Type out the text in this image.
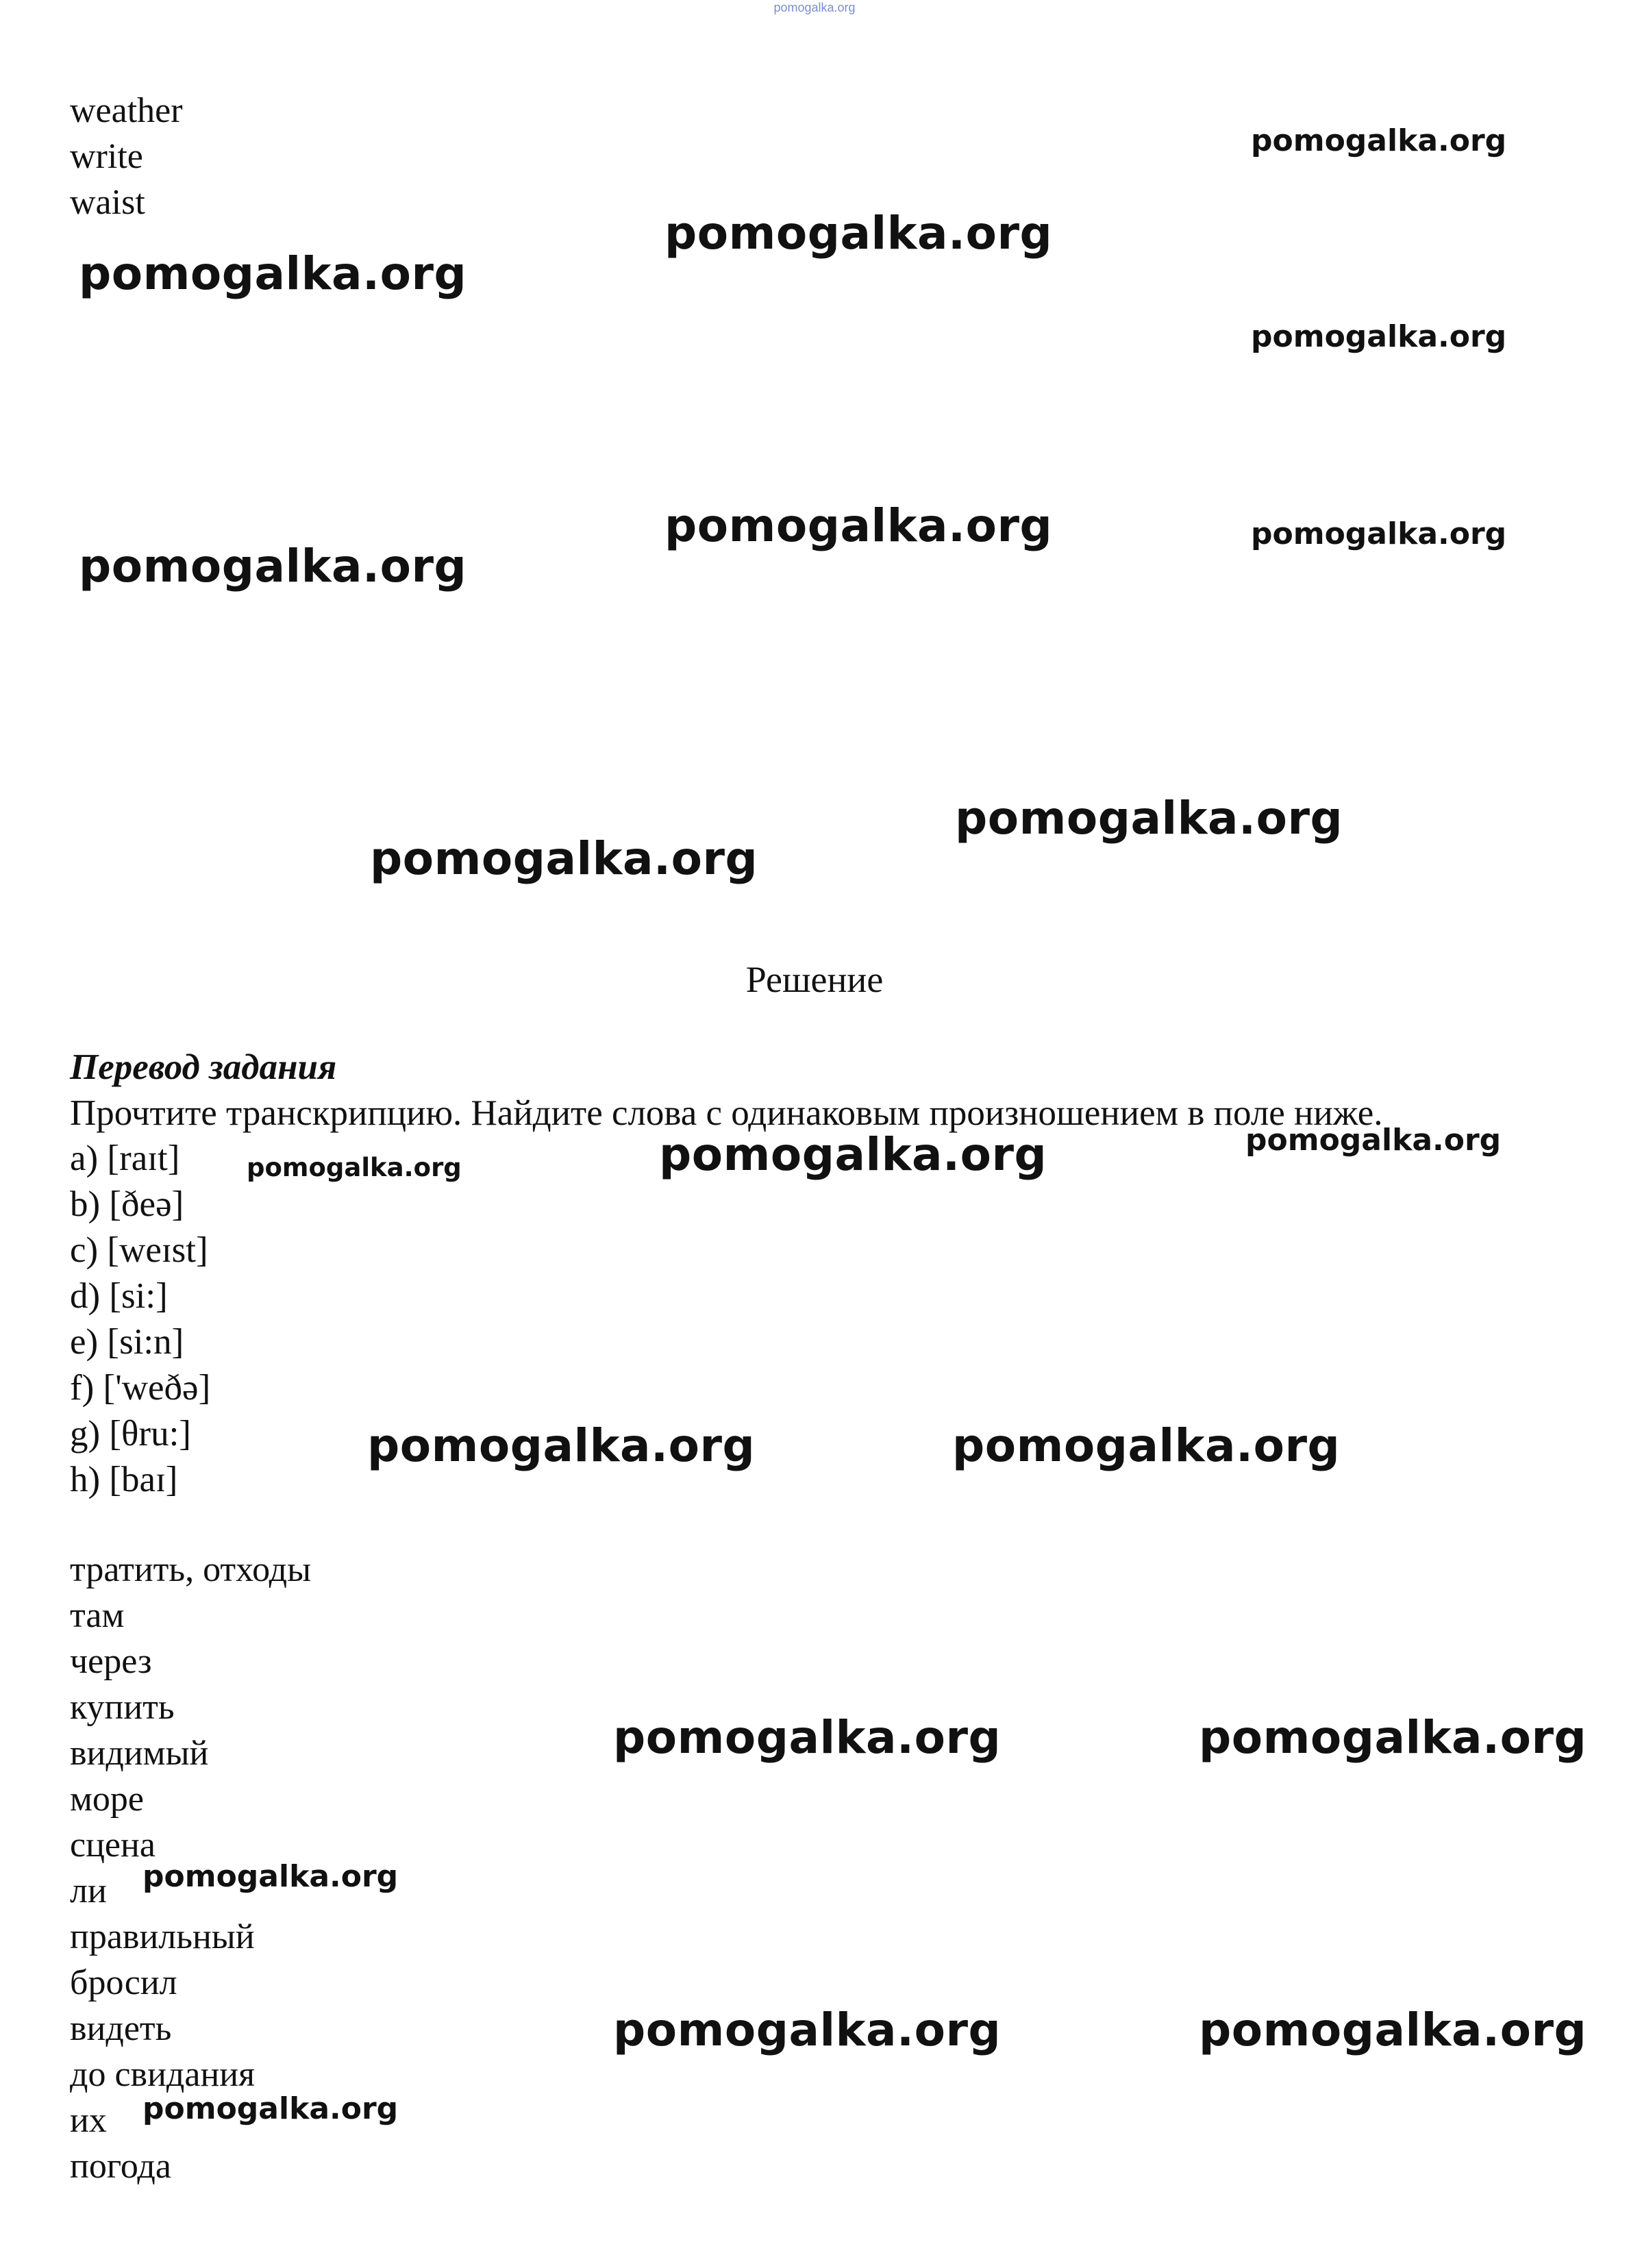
pomogalka.org
weather
write
waist
pomogalka.org
pomogalka.org
pomogalka.org
pomogalka.org
pomogalka.org	pomogalka.org
pomogalka.org
pomogalka.org
pomogalka.org
pomogalka.org	pomogalka.org
pomogalka.org
pomogalka.org	pomogalka.org
pomogalka.org	pomogalka.org
pomogalka.org
pomogalka.org	pomogalka.org
pomogalka.org
Решение
Перевод задания
Прочтите транскрипцию. Найдите слова с одинаковым произношением в поле ниже.
a) [raɪt]
b) [ðeə]
c) [weɪst]
d) [si:]
e) [si:n]
f) ['weðə]
g) [θru:]
h) [baɪ]
тратить, отходы
там
через
купить
видимый
море
сцена
ли
правильный
бросил
видеть
до свидания
их
погода
